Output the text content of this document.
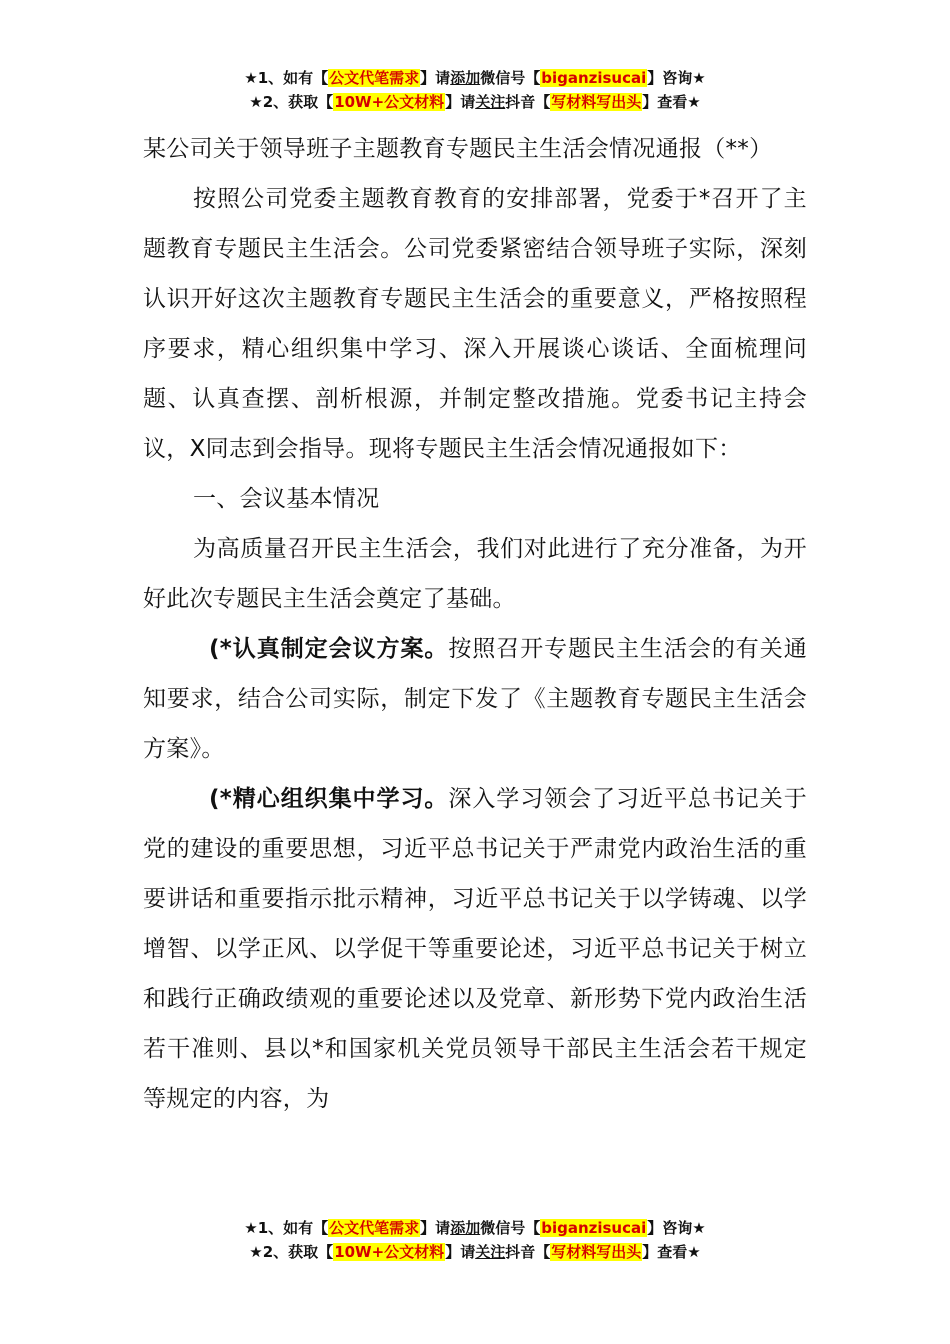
★1、如有【公文代笔需求】请添加微信号【biganzisucai】咨询★
★2、获取【10W+公文材料】请关注抖音【写材料写出头】查看★

某公司关于领导班子主题教育专题民主生活会情况通报（**）

按照公司党委主题教育教育的安排部署，党委于*召开了主题教育专题民主生活会。公司党委紧密结合领导班子实际，深刻认识开好这次主题教育专题民主生活会的重要意义，严格按照程序要求，精心组织集中学习、深入开展谈心谈话、全面梳理问题、认真查摆、剖析根源，并制定整改措施。党委书记主持会议，X同志到会指导。现将专题民主生活会情况通报如下：

一、会议基本情况

为高质量召开民主生活会，我们对此进行了充分准备，为开好此次专题民主生活会奠定了基础。

(*认真制定会议方案。按照召开专题民主生活会的有关通知要求，结合公司实际，制定下发了《主题教育专题民主生活会方案》。

(*精心组织集中学习。深入学习领会了习近平总书记关于党的建设的重要思想，习近平总书记关于严肃党内政治生活的重要讲话和重要指示批示精神，习近平总书记关于以学铸魂、以学增智、以学正风、以学促干等重要论述，习近平总书记关于树立和践行正确政绩观的重要论述以及党章、新形势下党内政治生活若干准则、县以*和国家机关党员领导干部民主生活会若干规定等规定的内容，为

★1、如有【公文代笔需求】请添加微信号【biganzisucai】咨询★
★2、获取【10W+公文材料】请关注抖音【写材料写出头】查看★
